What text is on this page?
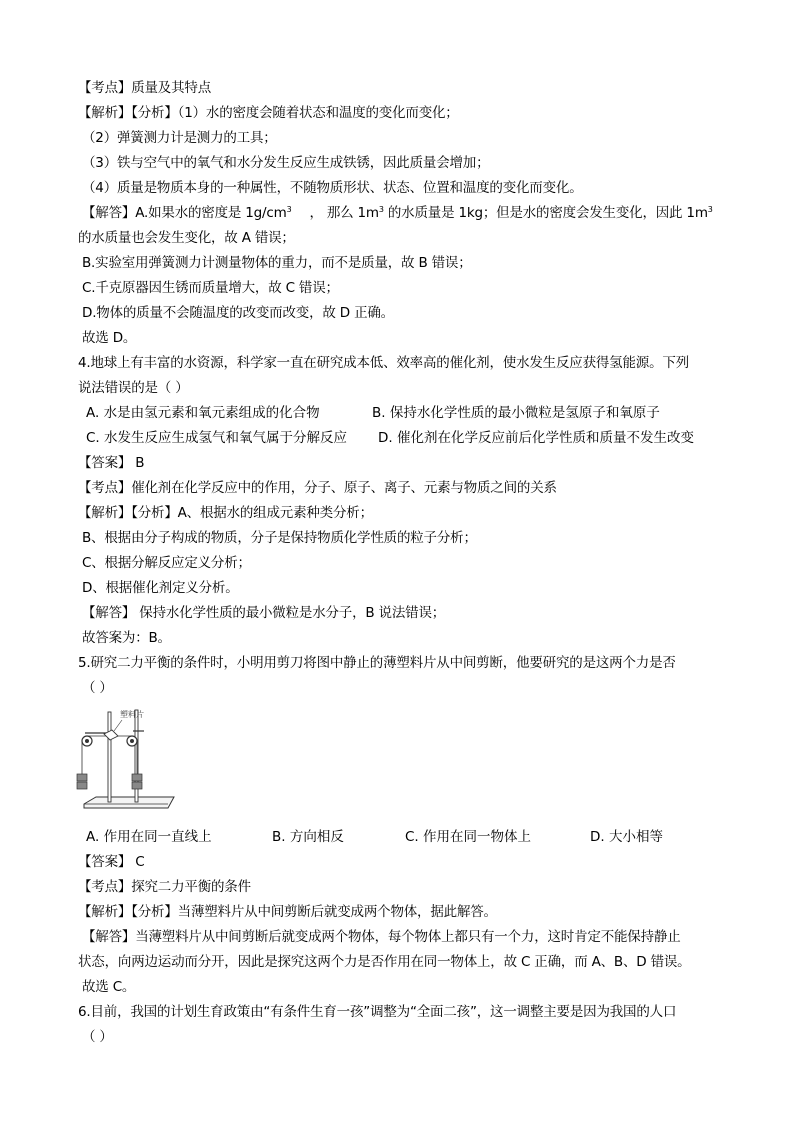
【考点】质量及其特点
【解析】【分析】（1）水的密度会随着状态和温度的变化而变化；
（2）弹簧测力计是测力的工具；
（3）铁与空气中的氧气和水分发生反应生成铁锈，因此质量会增加；
（4）质量是物质本身的一种属性，不随物质形状、状态、位置和温度的变化而变化。
【解答】A.如果水的密度是 $1g/cm^3$ ， 那么 $1m^3$ 的水质量是 1kg；但是水的密度会发生变化，因此 $1m^3$
的水质量也会发生变化，故 A 错误；
B.实验室用弹簧测力计测量物体的重力，而不是质量，故 B 错误；
C.千克原器因生锈而质量增大，故 C 错误；
D.物体的质量不会随温度的改变而改变，故 D 正确。
故选 D。
4.地球上有丰富的水资源，科学家一直在研究成本低、效率高的催化剂，使水发生反应获得氢能源。下列
说法错误的是（ ）
A. 水是由氢元素和氧元素组成的化合物	B. 保持水化学性质的最小微粒是氢原子和氧原子
C. 水发生反应生成氢气和氧气属于分解反应 D. 催化剂在化学反应前后化学性质和质量不发生改变
【答案】 B
【考点】催化剂在化学反应中的作用，分子、原子、离子、元素与物质之间的关系
【解析】【分析】A、根据水的组成元素种类分析；
B、根据由分子构成的物质，分子是保持物质化学性质的粒子分析；
C、根据分解反应定义分析；
D、根据催化剂定义分析。
【解答】 保持水化学性质的最小微粒是水分子，B 说法错误；
故答案为：B。
5.研究二力平衡的条件时，小明用剪刀将图中静止的薄塑料片从中间剪断，他要研究的是这两个力是否
（ ）
塑料片
A. 作用在同一直线上	B. 方向相反	C. 作用在同一物体上	D. 大小相等
【答案】 C
【考点】探究二力平衡的条件
【解析】【分析】当薄塑料片从中间剪断后就变成两个物体，据此解答。
【解答】当薄塑料片从中间剪断后就变成两个物体，每个物体上都只有一个力，这时肯定不能保持静止
状态，向两边运动而分开，因此是探究这两个力是否作用在同一物体上，故 C 正确，而 A、B、D 错误。
故选 C。
6.目前，我国的计划生育政策由“有条件生育一孩”调整为“全面二孩”，这一调整主要是因为我国的人口
（ ）
